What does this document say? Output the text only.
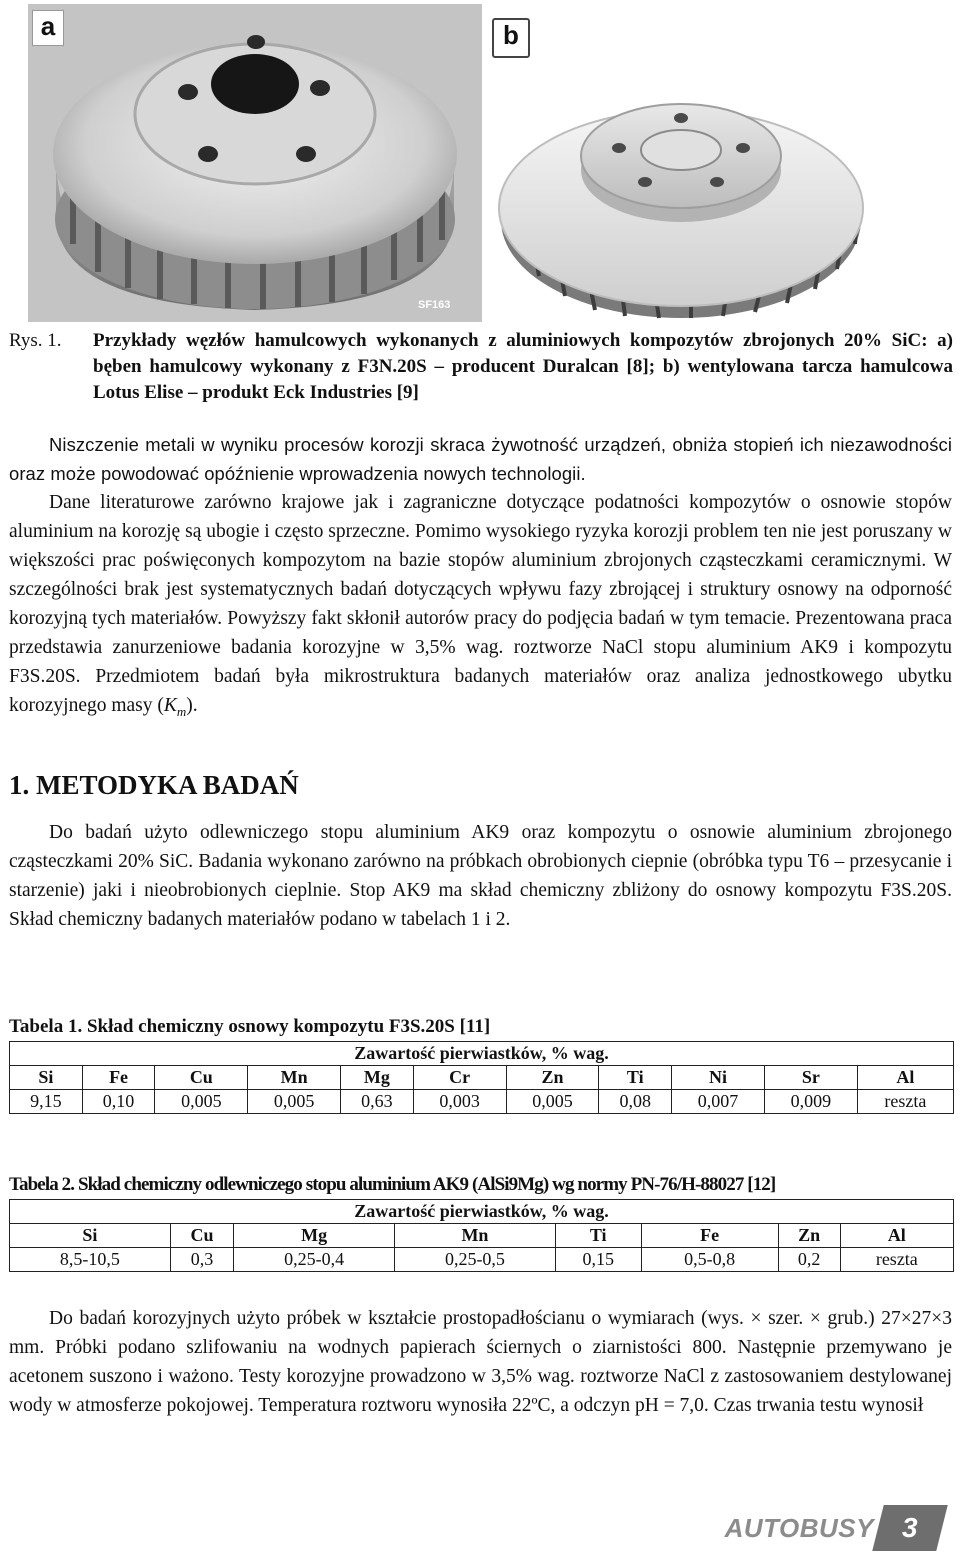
a
SF163
b
Rys. 1. Przykłady węzłów hamulcowych wykonanych z aluminiowych kompozytów zbrojonych 20% SiC: a) bęben hamulcowy wykonany z F3N.20S – producent Duralcan [8]; b) wentylowana tarcza hamulcowa Lotus Elise – produkt Eck Industries [9]

Niszczenie metali w wyniku procesów korozji skraca żywotność urządzeń, obniża stopień ich niezawodności oraz może powodować opóźnienie wprowadzenia nowych technologii.

Dane literaturowe zarówno krajowe jak i zagraniczne dotyczące podatności kompozytów o osnowie stopów aluminium na korozję są ubogie i często sprzeczne. Pomimo wysokiego ryzyka korozji problem ten nie jest poruszany w większości prac poświęconych kompozytom na bazie stopów aluminium zbrojonych cząsteczkami ceramicznymi. W szczególności brak jest systematycznych badań dotyczących wpływu fazy zbrojącej i struktury osnowy na odporność korozyjną tych materiałów. Powyższy fakt skłonił autorów pracy do podjęcia badań w tym temacie. Prezentowana praca przedstawia zanurzeniowe badania korozyjne w 3,5% wag. roztworze NaCl stopu aluminium AK9 i kompozytu F3S.20S. Przedmiotem badań była mikrostruktura badanych materiałów oraz analiza jednostkowego ubytku korozyjnego masy $(K_m)$.

1. METODYKA BADAŃ

Do badań użyto odlewniczego stopu aluminium AK9 oraz kompozytu o osnowie aluminium zbrojonego cząsteczkami 20% SiC. Badania wykonano zarówno na próbkach obrobionych ciepnie (obróbka typu T6 – przesycanie i starzenie) jaki i nieobrobionych cieplnie. Stop AK9 ma skład chemiczny zbliżony do osnowy kompozytu F3S.20S. Skład chemiczny badanych materiałów podano w tabelach 1 i 2.

Tabela 1. Skład chemiczny osnowy kompozytu F3S.20S [11]
Zawartość pierwiastków, % wag.										
Si	Fe	Cu	Mn	Mg	Cr	Zn	Ti	Ni	Sr	Al
9,15	0,10	0,005	0,005	0,63	0,003	0,005	0,08	0,007	0,009	reszta
Tabela 2. Skład chemiczny odlewniczego stopu aluminium AK9 (AlSi9Mg) wg normy PN-76/H-88027 [12]
Zawartość pierwiastków, % wag.							
Si	Cu	Mg	Mn	Ti	Fe	Zn	Al
8,5-10,5	0,3	0,25-0,4	0,25-0,5	0,15	0,5-0,8	0,2	reszta

Do badań korozyjnych użyto próbek w kształcie prostopadłościanu o wymiarach (wys. × szer. × grub.) 27×27×3 mm. Próbki podano szlifowaniu na wodnych papierach ściernych o ziarnistości 800. Następnie przemywano je acetonem suszono i ważono. Testy korozyjne prowadzono w 3,5% wag. roztworze NaCl z zastosowaniem destylowanej wody w atmosferze pokojowej. Temperatura roztworu wynosiła 22ºC, a odczyn pH = 7,0. Czas trwania testu wynosił

AUTOBUSY 3
